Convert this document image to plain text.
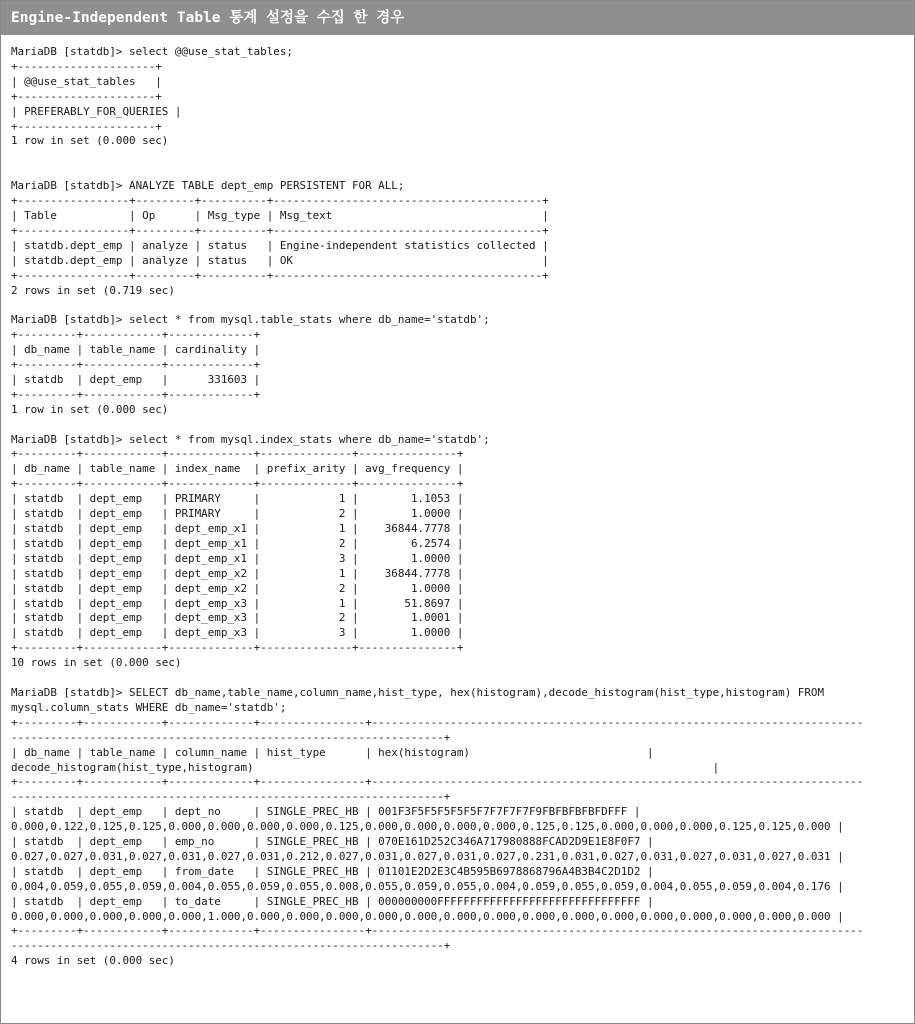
Engine-Independent Table 통계 설정을 수집 한 경우
MariaDB [statdb]> select @@use_stat_tables;
+---------------------+
| @@use_stat_tables   |
+---------------------+
| PREFERABLY_FOR_QUERIES |
+---------------------+
1 row in set (0.000 sec)

MariaDB [statdb]> ANALYZE TABLE dept_emp PERSISTENT FOR ALL;
+-----------------+---------+----------+-----------------------------------------+
| Table           | Op      | Msg_type | Msg_text                                |
+-----------------+---------+----------+-----------------------------------------+
| statdb.dept_emp | analyze | status   | Engine-independent statistics collected |
| statdb.dept_emp | analyze | status   | OK                                      |
+-----------------+---------+----------+-----------------------------------------+
2 rows in set (0.719 sec)

MariaDB [statdb]> select * from mysql.table_stats where db_name='statdb';
+---------+------------+-------------+
| db_name | table_name | cardinality |
+---------+------------+-------------+
| statdb  | dept_emp   |      331603 |
+---------+------------+-------------+
1 row in set (0.000 sec)

MariaDB [statdb]> select * from mysql.index_stats where db_name='statdb';
+---------+------------+-------------+--------------+---------------+
| db_name | table_name | index_name  | prefix_arity | avg_frequency |
+---------+------------+-------------+--------------+---------------+
| statdb  | dept_emp   | PRIMARY     |            1 |        1.1053 |
| statdb  | dept_emp   | PRIMARY     |            2 |        1.0000 |
| statdb  | dept_emp   | dept_emp_x1 |            1 |    36844.7778 |
| statdb  | dept_emp   | dept_emp_x1 |            2 |        6.2574 |
| statdb  | dept_emp   | dept_emp_x1 |            3 |        1.0000 |
| statdb  | dept_emp   | dept_emp_x2 |            1 |    36844.7778 |
| statdb  | dept_emp   | dept_emp_x2 |            2 |        1.0000 |
| statdb  | dept_emp   | dept_emp_x3 |            1 |       51.8697 |
| statdb  | dept_emp   | dept_emp_x3 |            2 |        1.0001 |
| statdb  | dept_emp   | dept_emp_x3 |            3 |        1.0000 |
+---------+------------+-------------+--------------+---------------+
10 rows in set (0.000 sec)

MariaDB [statdb]> SELECT db_name,table_name,column_name,hist_type, hex(histogram),decode_histogram(hist_type,histogram) FROM
mysql.column_stats WHERE db_name='statdb';
+---------+------------+-------------+----------------+---------------------------------------------------------------------------
------------------------------------------------------------------+
| db_name | table_name | column_name | hist_type      | hex(histogram)                           |
decode_histogram(hist_type,histogram)                                                                      |
+---------+------------+-------------+----------------+---------------------------------------------------------------------------
------------------------------------------------------------------+
| statdb  | dept_emp   | dept_no     | SINGLE_PREC_HB | 001F3F5F5F5F5F5F7F7F7F7F9FBFBFBFBFDFFF |
0.000,0.122,0.125,0.125,0.000,0.000,0.000,0.000,0.125,0.000,0.000,0.000,0.000,0.125,0.125,0.000,0.000,0.000,0.125,0.125,0.000 |
| statdb  | dept_emp   | emp_no      | SINGLE_PREC_HB | 070E161D252C346A717980888FCAD2D9E1E8F0F7 |
0.027,0.027,0.031,0.027,0.031,0.027,0.031,0.212,0.027,0.031,0.027,0.031,0.027,0.231,0.031,0.027,0.031,0.027,0.031,0.027,0.031 |
| statdb  | dept_emp   | from_date   | SINGLE_PREC_HB | 01101E2D2E3C4B595B6978868796A4B3B4C2D1D2 |
0.004,0.059,0.055,0.059,0.004,0.055,0.059,0.055,0.008,0.055,0.059,0.055,0.004,0.059,0.055,0.059,0.004,0.055,0.059,0.004,0.176 |
| statdb  | dept_emp   | to_date     | SINGLE_PREC_HB | 000000000FFFFFFFFFFFFFFFFFFFFFFFFFFFFFFF |
0.000,0.000,0.000,0.000,0.000,1.000,0.000,0.000,0.000,0.000,0.000,0.000,0.000,0.000,0.000,0.000,0.000,0.000,0.000,0.000,0.000 |
+---------+------------+-------------+----------------+---------------------------------------------------------------------------
------------------------------------------------------------------+
4 rows in set (0.000 sec)
